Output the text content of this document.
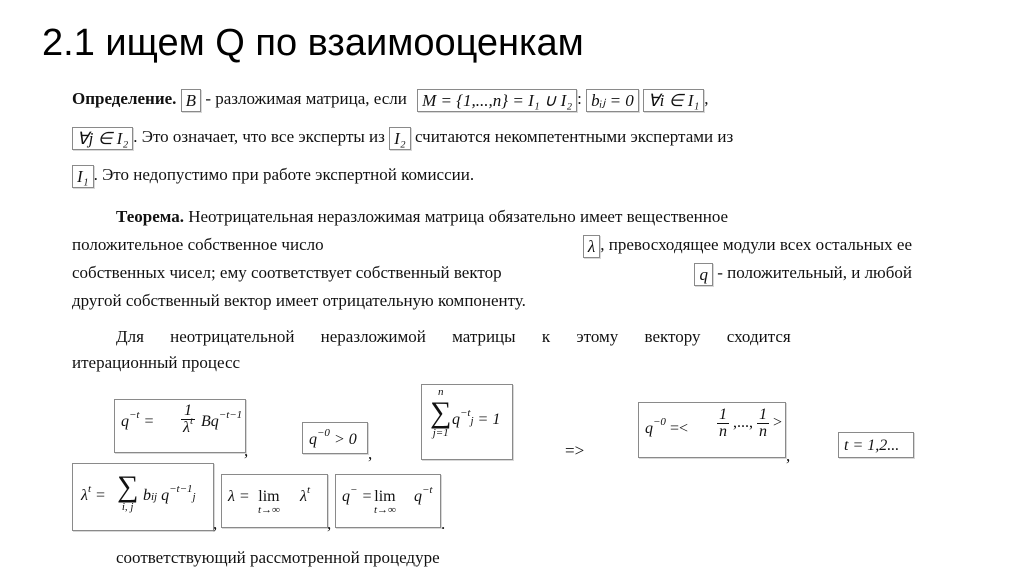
2.1 ищем Q по взаимооценкам
Определение. B - разложимая матрица, если M = {1,...,n} = I₁ ∪ I₂ : bᵢⱼ = 0 ∀i ∈ I₁ ,
∀j ∈ I₂ . Это означает, что все эксперты из I₂ считаются некомпетентными экспертами из
I₁ . Это недопустимо при работе экспертной комиссии.
Теорема.
Неотрицательная неразложимая матрица обязательно имеет вещественное
положительное собственное число	λ , превосходящее модули всех остальных ее
собственных чисел; ему соответствует собственный вектор	q - положительный, и любой
другой собственный вектор имеет отрицательную компоненту.
Для неотрицательной неразложимой матрицы к этому вектору сходится
итерационный процесс
$q^{-t} = \frac{1}{\lambda^t} Bq^{-t-1}$
,
$q^{-0} > 0$
,
n
∑
j=1
$q^{-t}j = 1$
=>
$q^{-0} =< \frac{1}{n}$ ,..., $\frac{1}{n}$ >
,
t = 1,2...
$\lambda^t$ = ∑
i, j
bij $q^{-t-1}j$
,
λ = lim
t→∞
$\lambda^t$
,
q− = lim
t→∞
$q^{-t}$
.
соответствующий рассмотренной процедуре
